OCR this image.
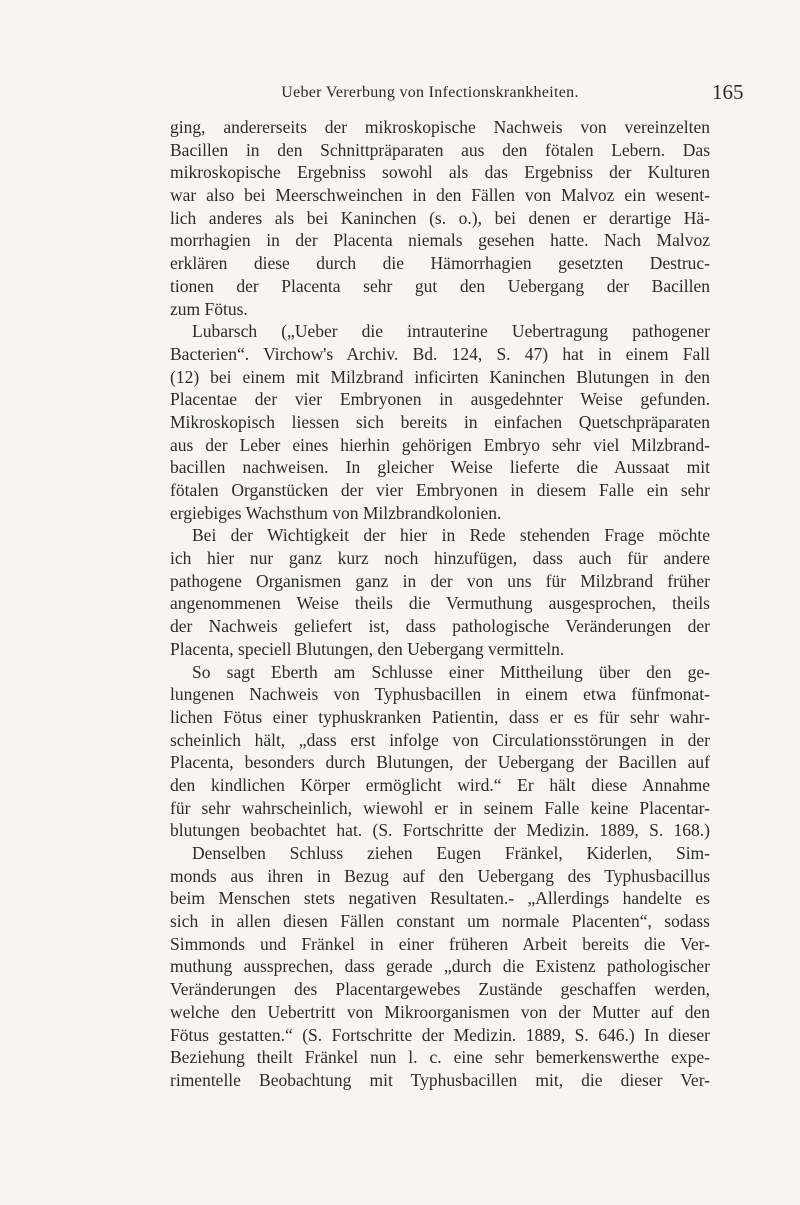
Ueber Vererbung von Infectionskrankheiten.	165
ging, andererseits der mikroskopische Nachweis von vereinzelten
Bacillen in den Schnittpräparaten aus den fötalen Lebern. Das
mikroskopische Ergebniss sowohl als das Ergebniss der Kulturen
war also bei Meerschweinchen in den Fällen von Malvoz ein wesent-
lich anderes als bei Kaninchen (s. o.), bei denen er derartige Hä-
morrhagien in der Placenta niemals gesehen hatte. Nach Malvoz
erklären diese durch die Hämorrhagien gesetzten Destruc-
tionen der Placenta sehr gut den Uebergang der Bacillen
zum Fötus.
Lubarsch („Ueber die intrauterine Uebertragung pathogener
Bacterien“. Virchow's Archiv. Bd. 124, S. 47) hat in einem Fall
(12) bei einem mit Milzbrand inficirten Kaninchen Blutungen in den
Placentae der vier Embryonen in ausgedehnter Weise gefunden.
Mikroskopisch liessen sich bereits in einfachen Quetschpräparaten
aus der Leber eines hierhin gehörigen Embryo sehr viel Milzbrand-
bacillen nachweisen. In gleicher Weise lieferte die Aussaat mit
fötalen Organstücken der vier Embryonen in diesem Falle ein sehr
ergiebiges Wachsthum von Milzbrandkolonien.
Bei der Wichtigkeit der hier in Rede stehenden Frage möchte
ich hier nur ganz kurz noch hinzufügen, dass auch für andere
pathogene Organismen ganz in der von uns für Milzbrand früher
angenommenen Weise theils die Vermuthung ausgesprochen, theils
der Nachweis geliefert ist, dass pathologische Veränderungen der
Placenta, speciell Blutungen, den Uebergang vermitteln.
So sagt Eberth am Schlusse einer Mittheilung über den ge-
lungenen Nachweis von Typhusbacillen in einem etwa fünfmonat-
lichen Fötus einer typhuskranken Patientin, dass er es für sehr wahr-
scheinlich hält, „dass erst infolge von Circulationsstörungen in der
Placenta, besonders durch Blutungen, der Uebergang der Bacillen auf
den kindlichen Körper ermöglicht wird.“ Er hält diese Annahme
für sehr wahrscheinlich, wiewohl er in seinem Falle keine Placentar-
blutungen beobachtet hat. (S. Fortschritte der Medizin. 1889, S. 168.)
Denselben Schluss ziehen Eugen Fränkel, Kiderlen, Sim-
monds aus ihren in Bezug auf den Uebergang des Typhusbacillus
beim Menschen stets negativen Resultaten.- „Allerdings handelte es
sich in allen diesen Fällen constant um normale Placenten“, sodass
Simmonds und Fränkel in einer früheren Arbeit bereits die Ver-
muthung aussprechen, dass gerade „durch die Existenz pathologischer
Veränderungen des Placentargewebes Zustände geschaffen werden,
welche den Uebertritt von Mikroorganismen von der Mutter auf den
Fötus gestatten.“ (S. Fortschritte der Medizin. 1889, S. 646.) In dieser
Beziehung theilt Fränkel nun l. c. eine sehr bemerkenswerthe expe-
rimentelle Beobachtung mit Typhusbacillen mit, die dieser Ver-
